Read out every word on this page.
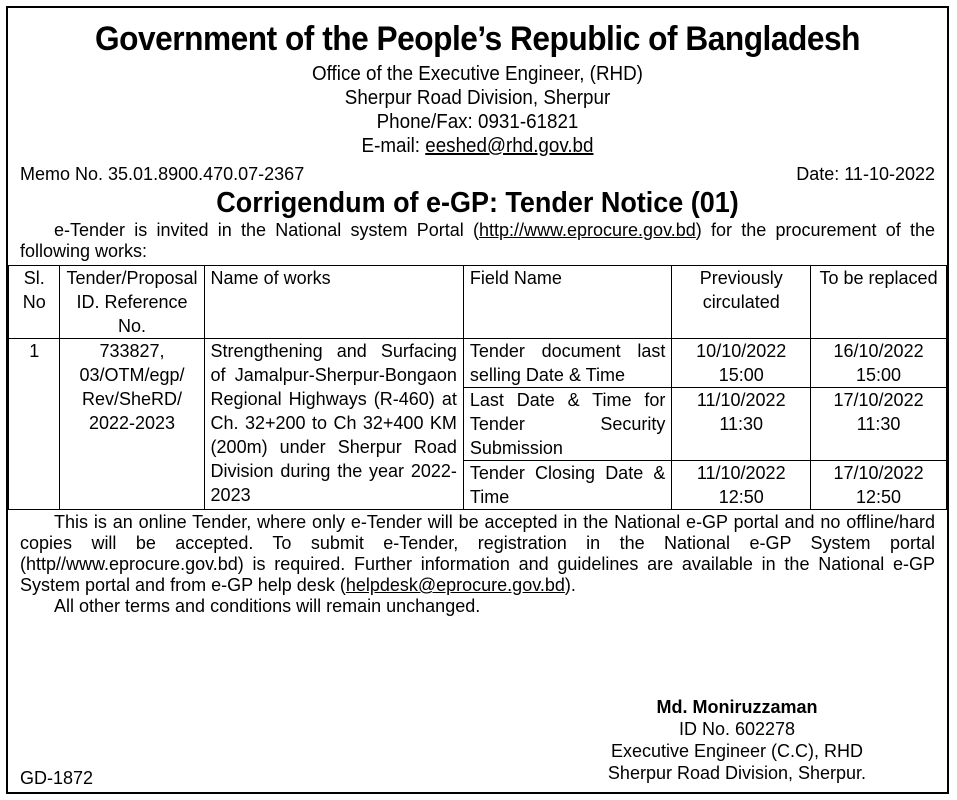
Government of the People’s Republic of Bangladesh
Office of the Executive Engineer, (RHD)
Sherpur Road Division, Sherpur
Phone/Fax: 0931-61821
E-mail: eeshed@rhd.gov.bd
Memo No. 35.01.8900.470.07-2367	Date: 11-10-2022
Corrigendum of e-GP: Tender Notice (01)
e-Tender is invited in the National system Portal (http://www.eprocure.gov.bd) for the procurement of the following works:
Sl. No	Tender/Proposal ID. Reference No.	Name of works	Field Name	Previously circulated	To be replaced
1	733827, 03/OTM/egp/ Rev/SheRD/ 2022-2023	Strengthening and Surfacing of Jamalpur-Sherpur-Bongaon Regional Highways (R-460) at Ch. 32+200 to Ch 32+400 KM (200m) under Sherpur Road Division during the year 2022-2023	Tender document last selling Date & Time	10/10/2022 15:00	16/10/2022 15:00
			Last Date & Time for Tender Security Submission	11/10/2022 11:30	17/10/2022 11:30
			Tender Closing Date & Time	11/10/2022 12:50	17/10/2022 12:50
This is an online Tender, where only e-Tender will be accepted in the National e-GP portal and no offline/hard copies will be accepted. To submit e-Tender, registration in the National e-GP System portal (http//www.eprocure.gov.bd) is required. Further information and guidelines are available in the National e-GP System portal and from e-GP help desk (helpdesk@eprocure.gov.bd).
All other terms and conditions will remain unchanged.
Md. Moniruzzaman
ID No. 602278
Executive Engineer (C.C), RHD
Sherpur Road Division, Sherpur.
GD-1872
